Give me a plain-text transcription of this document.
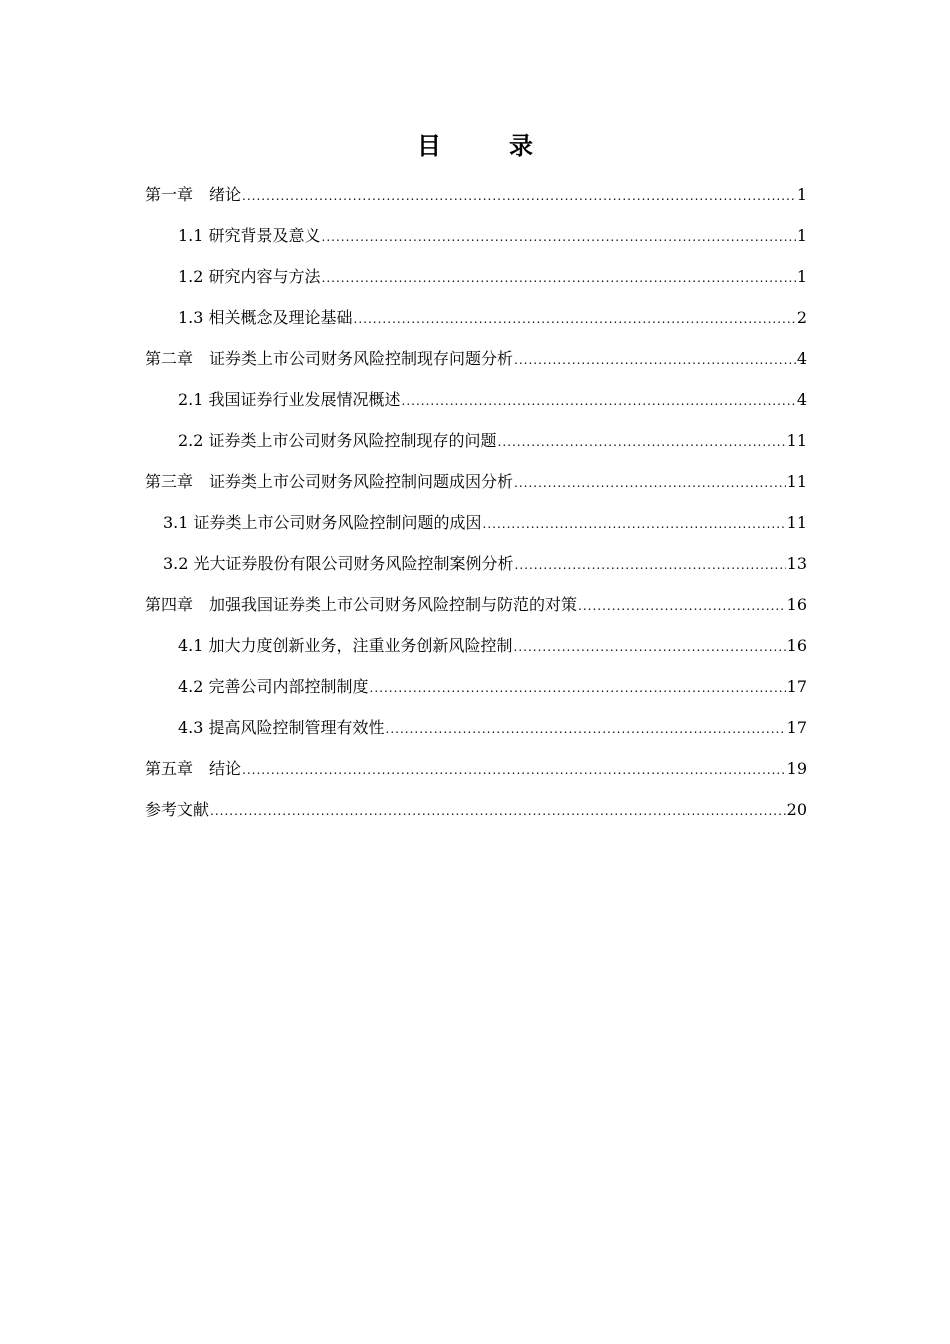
目　录
第一章　绪论 .....	1
1.1 研究背景及意义 .....	1
1.2 研究内容与方法 .....	1
1.3 相关概念及理论基础 .....	2
第二章　证券类上市公司财务风险控制现存问题分析 .....	4
2.1 我国证券行业发展情况概述 .....	4
2.2 证券类上市公司财务风险控制现存的问题 .....	11
第三章　证券类上市公司财务风险控制问题成因分析 .....	11
3.1 证券类上市公司财务风险控制问题的成因 .....	11
3.2 光大证券股份有限公司财务风险控制案例分析 .....	13
第四章　加强我国证券类上市公司财务风险控制与防范的对策 .....	16
4.1 加大力度创新业务，注重业务创新风险控制 .....	16
4.2 完善公司内部控制制度 .....	17
4.3 提高风险控制管理有效性 .....	17
第五章　结论 .....	19
参考文献 .....	20
